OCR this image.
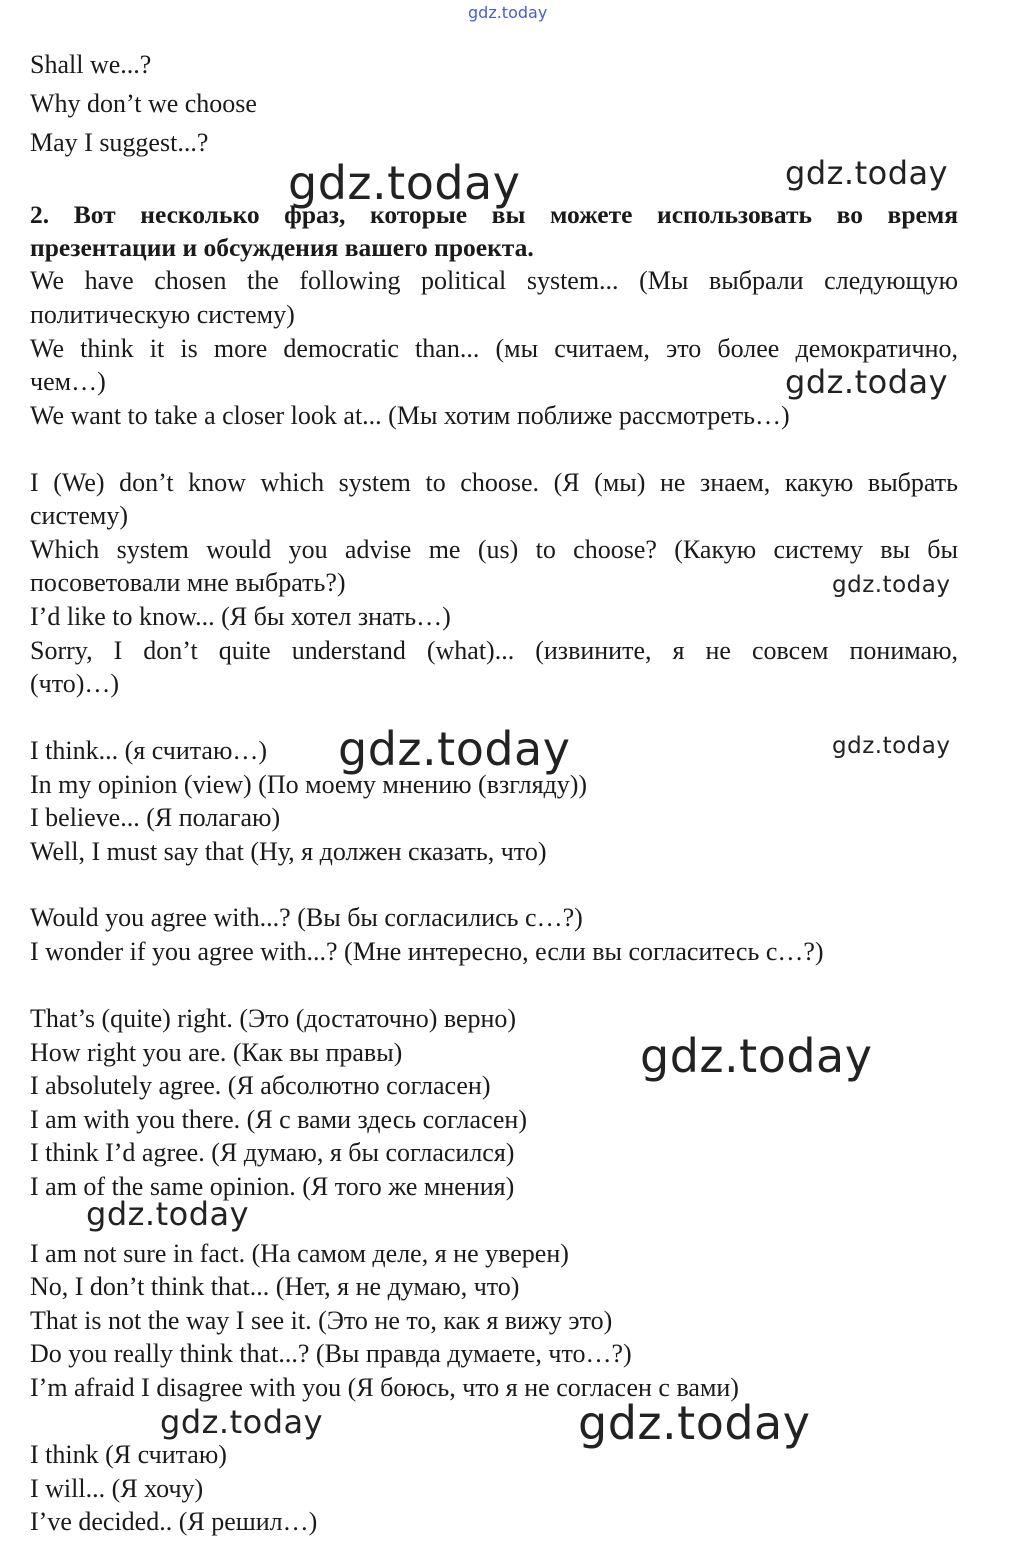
gdz.today
Shall we...?
Why don’t we choose
May I suggest...?
gdz.today	gdz.today
2. Вот несколько фраз, которые вы можете использовать во время
презентации и обсуждения вашего проекта.
We have chosen the following political system... (Мы выбрали следующую
политическую систему)
We think it is more democratic than... (мы считаем, это более демократично,
чем…)	gdz.today
We want to take a closer look at... (Мы хотим поближе рассмотреть…)
I (We) don’t know which system to choose. (Я (мы) не знаем, какую выбрать
систему)
Which system would you advise me (us) to choose? (Какую систему вы бы
посоветовали мне выбрать?)	gdz.today
I’d like to know... (Я бы хотел знать…)
Sorry, I don’t quite understand (what)... (извините, я не совсем понимаю,
(что)…)
I think... (я считаю…) gdz.today	gdz.today
In my opinion (view) (По моему мнению (взгляду))
I believe... (Я полагаю)
Well, I must say that (Ну, я должен сказать, что)
Would you agree with...? (Вы бы согласились с…?)
I wonder if you agree with...? (Мне интересно, если вы согласитесь с…?)
That’s (quite) right. (Это (достаточно) верно)
How right you are. (Как вы правы)	gdz.today
I absolutely agree. (Я абсолютно согласен)
I am with you there. (Я с вами здесь согласен)
I think I’d agree. (Я думаю, я бы согласился)
I am of the same opinion. (Я того же мнения)
gdz.today
I am not sure in fact. (На самом деле, я не уверен)
No, I don’t think that... (Нет, я не думаю, что)
That is not the way I see it. (Это не то, как я вижу это)
Do you really think that...? (Вы правда думаете, что…?)
I’m afraid I disagree with you (Я боюсь, что я не согласен с вами)
gdz.today	gdz.today
I think (Я считаю)
I will... (Я хочу)
I’ve decided.. (Я решил…)
